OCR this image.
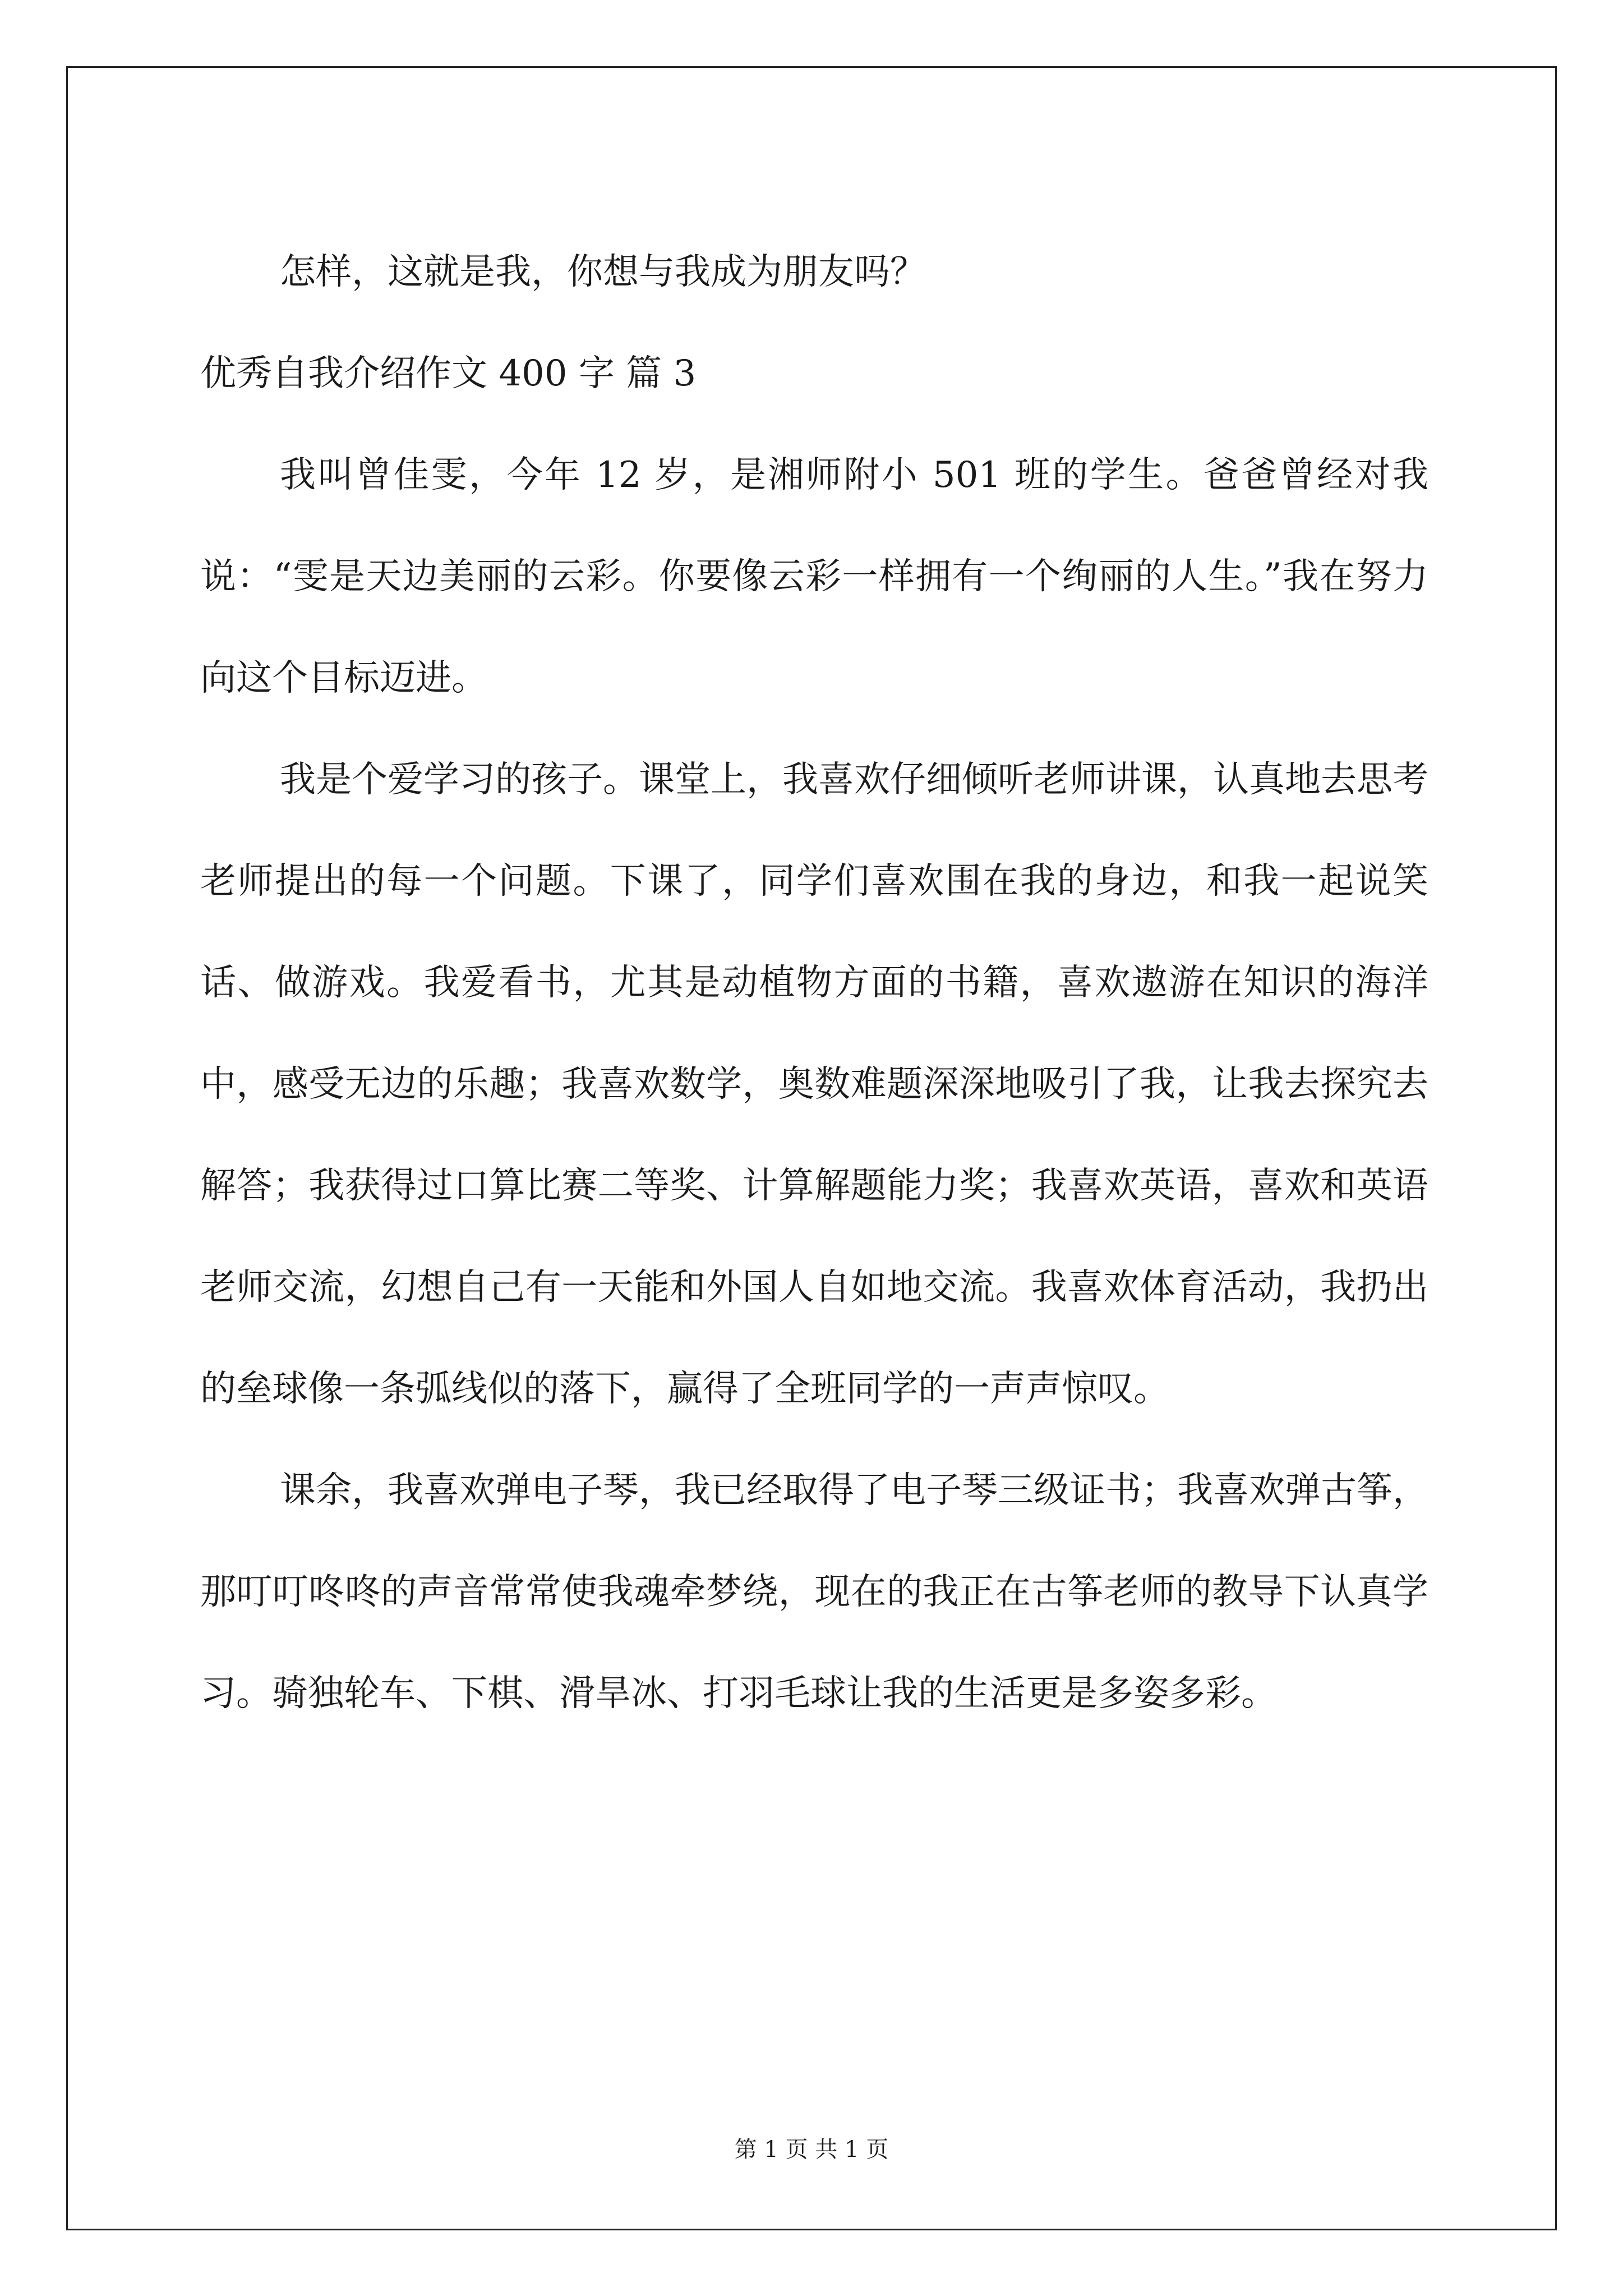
怎样，这就是我，你想与我成为朋友吗？

优秀自我介绍作文 400 字 篇 3

我叫曾佳雯，今年 12 岁，是湘师附小 501 班的学生。爸爸曾经对我说：“雯是天边美丽的云彩。你要像云彩一样拥有一个绚丽的人生。”我在努力向这个目标迈进。

我是个爱学习的孩子。课堂上，我喜欢仔细倾听老师讲课，认真地去思考老师提出的每一个问题。下课了，同学们喜欢围在我的身边，和我一起说笑话、做游戏。我爱看书，尤其是动植物方面的书籍，喜欢遨游在知识的海洋中，感受无边的乐趣；我喜欢数学，奥数难题深深地吸引了我，让我去探究去解答；我获得过口算比赛二等奖、计算解题能力奖；我喜欢英语，喜欢和英语老师交流，幻想自己有一天能和外国人自如地交流。我喜欢体育活动，我扔出的垒球像一条弧线似的落下，赢得了全班同学的一声声惊叹。

课余，我喜欢弹电子琴，我已经取得了电子琴三级证书；我喜欢弹古筝，那叮叮咚咚的声音常常使我魂牵梦绕，现在的我正在古筝老师的教导下认真学习。骑独轮车、下棋、滑旱冰、打羽毛球让我的生活更是多姿多彩。

第 1 页 共 1 页
